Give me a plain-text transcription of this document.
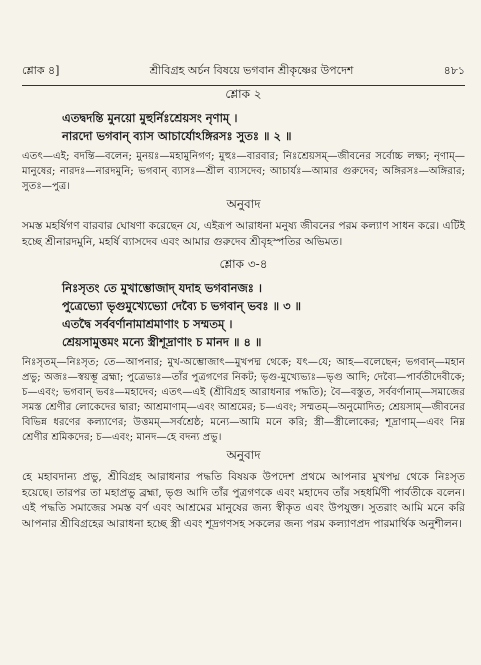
শ্লোক ৪]	শ্রীবিগ্রহ অর্চন বিষয়ে ভগবান শ্রীকৃষ্ণের উপদেশ	৪৮১
শ্লোক ২
এতদ্বদন্তি মুনয়ো মুহুর্নিঃশ্রেয়সং নৃণাম্ ।
নারদো ভগবান্ ব্যাস আচার্যোঽঙ্গিরসঃ সুতঃ ॥ ২ ॥
এতৎ—এই; বদন্তি—বলেন; মুনয়ঃ—মহামুনিগণ; মুহুঃ—বারবার; নিঃশ্রেয়সম্—জীবনের সর্বোচ্চ লক্ষ্য; নৃণাম্—মানুষের; নারদঃ—নারদমুনি; ভগবান্ ব্যাসঃ—শ্রীল ব্যাসদেব; আচার্যঃ—আমার গুরুদেব; অঙ্গিরসঃ—অঙ্গিরার; সুতঃ—পুত্র।
অনুবাদ
সমস্ত মহর্ষিগণ বারবার ঘোষণা করেছেন যে, এইরূপ আরাধনা মনুষ্য জীবনের পরম কল্যাণ সাধন করে। এটিই হচ্ছে শ্রীনারদমুনি, মহর্ষি ব্যাসদেব এবং আমার গুরুদেব শ্রীবৃহস্পতির অভিমত।
শ্লোক ৩-৪
নিঃসৃতং তে মুখাম্ভোজাদ্ যদাহ ভগবানজঃ ।
পুত্রেভ্যো ভৃগুমুখ্যেভ্যো দেব্যৈ চ ভগবান্ ভবঃ ॥ ৩ ॥
এতদ্বৈ সর্ববর্ণানামাশ্রমাণাং চ সম্মতম্ ।
শ্রেয়সামুত্তমং মন্যে স্ত্রীশূদ্রাণাং চ মানদ ॥ ৪ ॥
নিঃসৃতম্—নিঃসৃত; তে—আপনার; মুখ-অম্ভোজাৎ—মুখপদ্ম থেকে; যৎ—যে; আহ—বলেছেন; ভগবান্—মহান প্রভু; অজঃ—স্বয়ম্ভূ ব্রহ্মা; পুত্রেভ্যঃ—তাঁর পুত্রগণের নিকট; ভৃগু-মুখ্যেভ্যঃ—ভৃগু আদি; দেব্যৈ—পার্বতীদেবীকে; চ—এবং; ভগবান্ ভবঃ—মহাদেব; এতৎ—এই (শ্রীবিগ্রহ আরাধনার পদ্ধতি); বৈ—বস্তুত, সর্ববর্ণানাম্—সমাজের সমস্ত শ্রেণীর লোকেদের দ্বারা; আশ্রমাণাম্—এবং আশ্রমের; চ—এবং; সম্মতম্—অনুমোদিত; শ্রেয়সাম্—জীবনের বিভিন্ন ধরণের কল্যাণের; উত্তমম্—সর্বশ্রেষ্ঠ; মন্যে—আমি মনে করি; স্ত্রী—স্ত্রীলোকের; শূদ্রাণাম্—এবং নিম্ন শ্রেণীর শ্রমিকদের; চ—এবং; মানদ—হে বদন্য প্রভু।
অনুবাদ
হে মহাবদান্য প্রভু, শ্রীবিগ্রহ আরাধনার পদ্ধতি বিষয়ক উপদেশ প্রথমে আপনার মুখপদ্ম থেকে নিঃসৃত হয়েছে। তারপর তা মহাপ্রভু ব্রহ্মা, ভৃগু আদি তাঁর পুত্রগণকে এবং মহাদেব তাঁর সহধর্মিণী পার্বতীকে বলেন। এই পদ্ধতি সমাজের সমস্ত বর্ণ এবং আশ্রমের মানুষের জন্য স্বীকৃত এবং উপযুক্ত। সুতরাং আমি মনে করি আপনার শ্রীবিগ্রহের আরাধনা হচ্ছে স্ত্রী এবং শূদ্রগণসহ সকলের জন্য পরম কল্যাণপ্রদ পারমার্থিক অনুশীলন।
